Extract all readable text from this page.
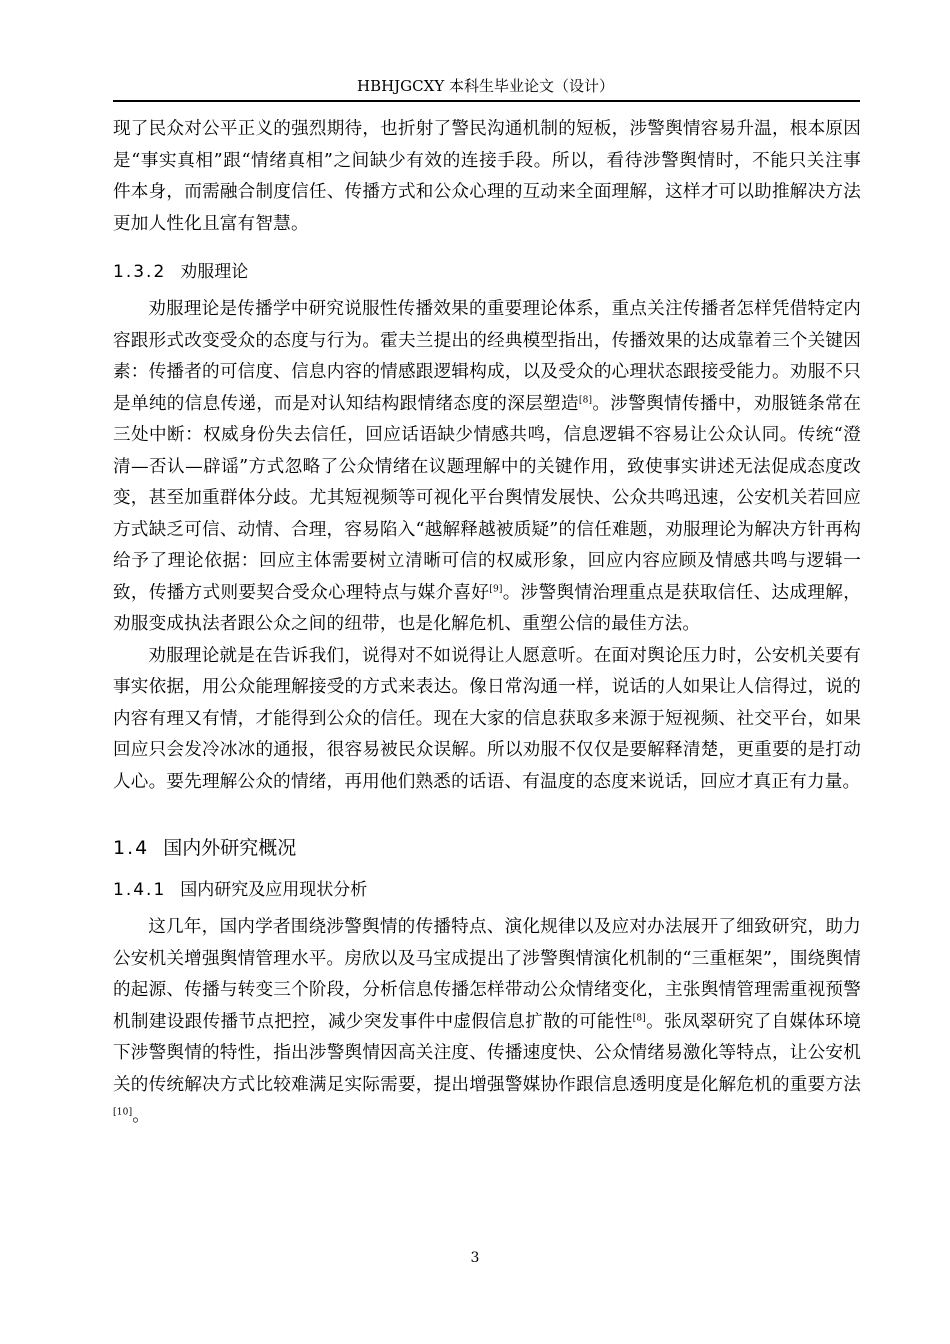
HBHJGCXY 本科生毕业论文（设计）

现了民众对公平正义的强烈期待，也折射了警民沟通机制的短板，涉警舆情容易升温，根本原因是“事实真相”跟“情绪真相”之间缺少有效的连接手段。所以，看待涉警舆情时，不能只关注事件本身，而需融合制度信任、传播方式和公众心理的互动来全面理解，这样才可以助推解决方法更加人性化且富有智慧。

1.3.2 劝服理论

劝服理论是传播学中研究说服性传播效果的重要理论体系，重点关注传播者怎样凭借特定内容跟形式改变受众的态度与行为。霍夫兰提出的经典模型指出，传播效果的达成靠着三个关键因素：传播者的可信度、信息内容的情感跟逻辑构成，以及受众的心理状态跟接受能力。劝服不只是单纯的信息传递，而是对认知结构跟情绪态度的深层塑造[8]。涉警舆情传播中，劝服链条常在三处中断：权威身份失去信任，回应话语缺少情感共鸣，信息逻辑不容易让公众认同。传统“澄清—否认—辟谣”方式忽略了公众情绪在议题理解中的关键作用，致使事实讲述无法促成态度改变，甚至加重群体分歧。尤其短视频等可视化平台舆情发展快、公众共鸣迅速，公安机关若回应方式缺乏可信、动情、合理，容易陷入“越解释越被质疑”的信任难题，劝服理论为解决方针再构给予了理论依据：回应主体需要树立清晰可信的权威形象，回应内容应顾及情感共鸣与逻辑一致，传播方式则要契合受众心理特点与媒介喜好[9]。涉警舆情治理重点是获取信任、达成理解，劝服变成执法者跟公众之间的纽带，也是化解危机、重塑公信的最佳方法。

劝服理论就是在告诉我们，说得对不如说得让人愿意听。在面对舆论压力时，公安机关要有事实依据，用公众能理解接受的方式来表达。像日常沟通一样，说话的人如果让人信得过，说的内容有理又有情，才能得到公众的信任。现在大家的信息获取多来源于短视频、社交平台，如果回应只会发冷冰冰的通报，很容易被民众误解。所以劝服不仅仅是要解释清楚，更重要的是打动人心。要先理解公众的情绪，再用他们熟悉的话语、有温度的态度来说话，回应才真正有力量。

1.4 国内外研究概况
1.4.1 国内研究及应用现状分析

这几年，国内学者围绕涉警舆情的传播特点、演化规律以及应对办法展开了细致研究，助力公安机关增强舆情管理水平。房欣以及马宝成提出了涉警舆情演化机制的“三重框架”，围绕舆情的起源、传播与转变三个阶段，分析信息传播怎样带动公众情绪变化，主张舆情管理需重视预警机制建设跟传播节点把控，减少突发事件中虚假信息扩散的可能性[8]。张凤翠研究了自媒体环境下涉警舆情的特性，指出涉警舆情因高关注度、传播速度快、公众情绪易激化等特点，让公安机关的传统解决方式比较难满足实际需要，提出增强警媒协作跟信息透明度是化解危机的重要方法[10]。

3
